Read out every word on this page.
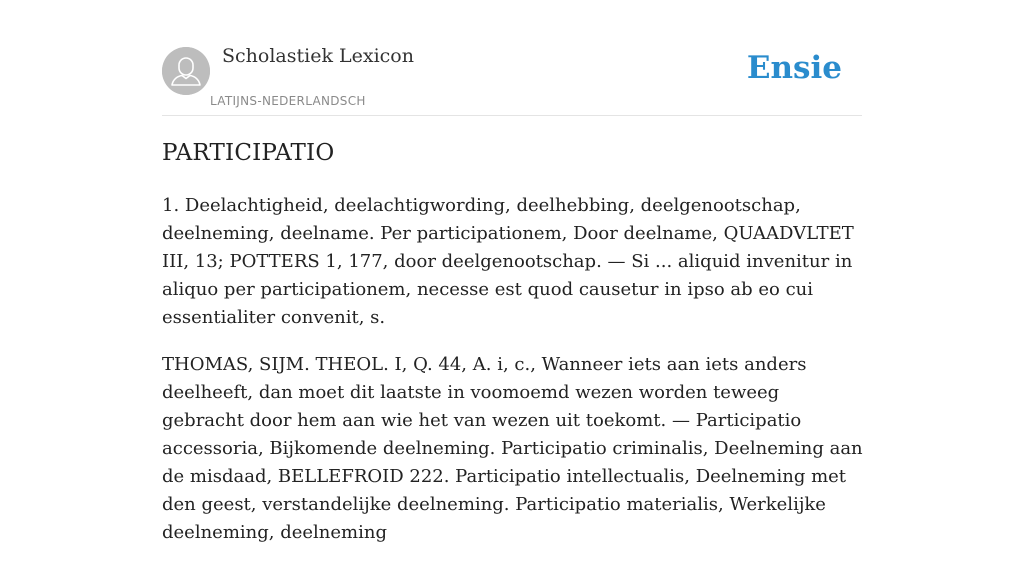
Scholastiek Lexicon
LATIJNS-NEDERLANDSCH
Ensie
PARTICIPATIO

1. Deelachtigheid, deelachtigwording, deelhebbing, deelgenootschap, deelneming, deelname. Per participationem, Door deelname, QUAADVLTET III, 13; POTTERS 1, 177, door deelgenootschap. — Si ... aliquid invenitur in aliquo per participationem, necesse est quod causetur in ipso ab eo cui essentialiter convenit, s.

THOMAS, SIJM. THEOL. I, Q. 44, A. i, c., Wanneer iets aan iets anders deelheeft, dan moet dit laatste in voomoemd wezen worden teweeg gebracht door hem aan wie het van wezen uit toekomt. — Participatio accessoria, Bijkomende deelneming. Participatio criminalis, Deelneming aan de misdaad, BELLEFROID 222. Participatio intellectualis, Deelneming met den geest, verstandelijke deelneming. Participatio materialis, Werkelijke deelneming, deelneming
